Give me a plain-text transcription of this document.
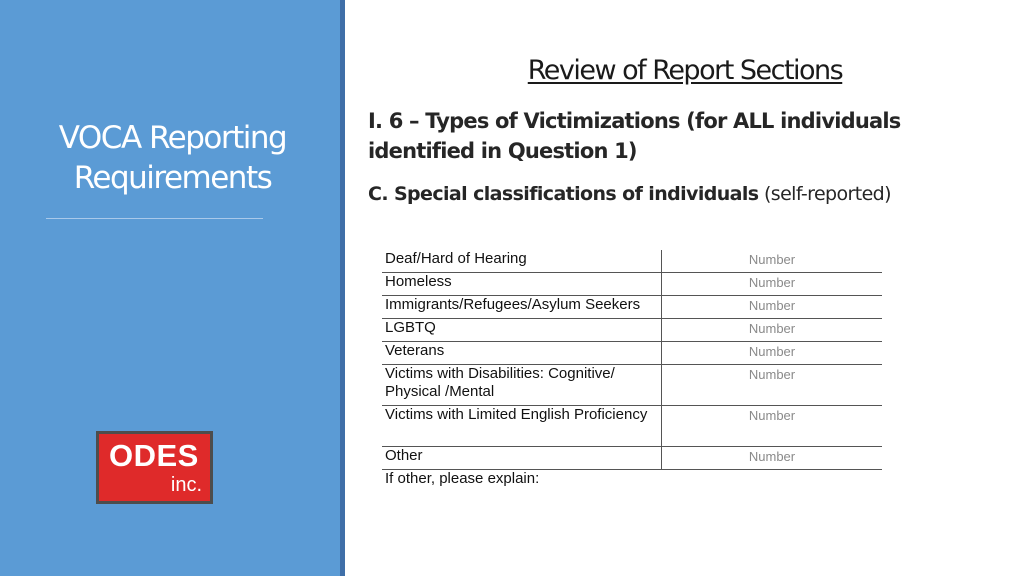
VOCA Reporting
Requirements
ODES
inc.
Review of Report Sections
I. 6 – Types of Victimizations (for ALL individuals identified in Question 1)
C. Special classifications of individuals (self-reported)
Deaf/Hard of Hearing	Number
Homeless	Number
Immigrants/Refugees/Asylum Seekers	Number
LGBTQ	Number
Veterans	Number
Victims with Disabilities: Cognitive/ Physical /Mental	Number
Victims with Limited English Proficiency	Number
Other	Number
If other, please explain:	
